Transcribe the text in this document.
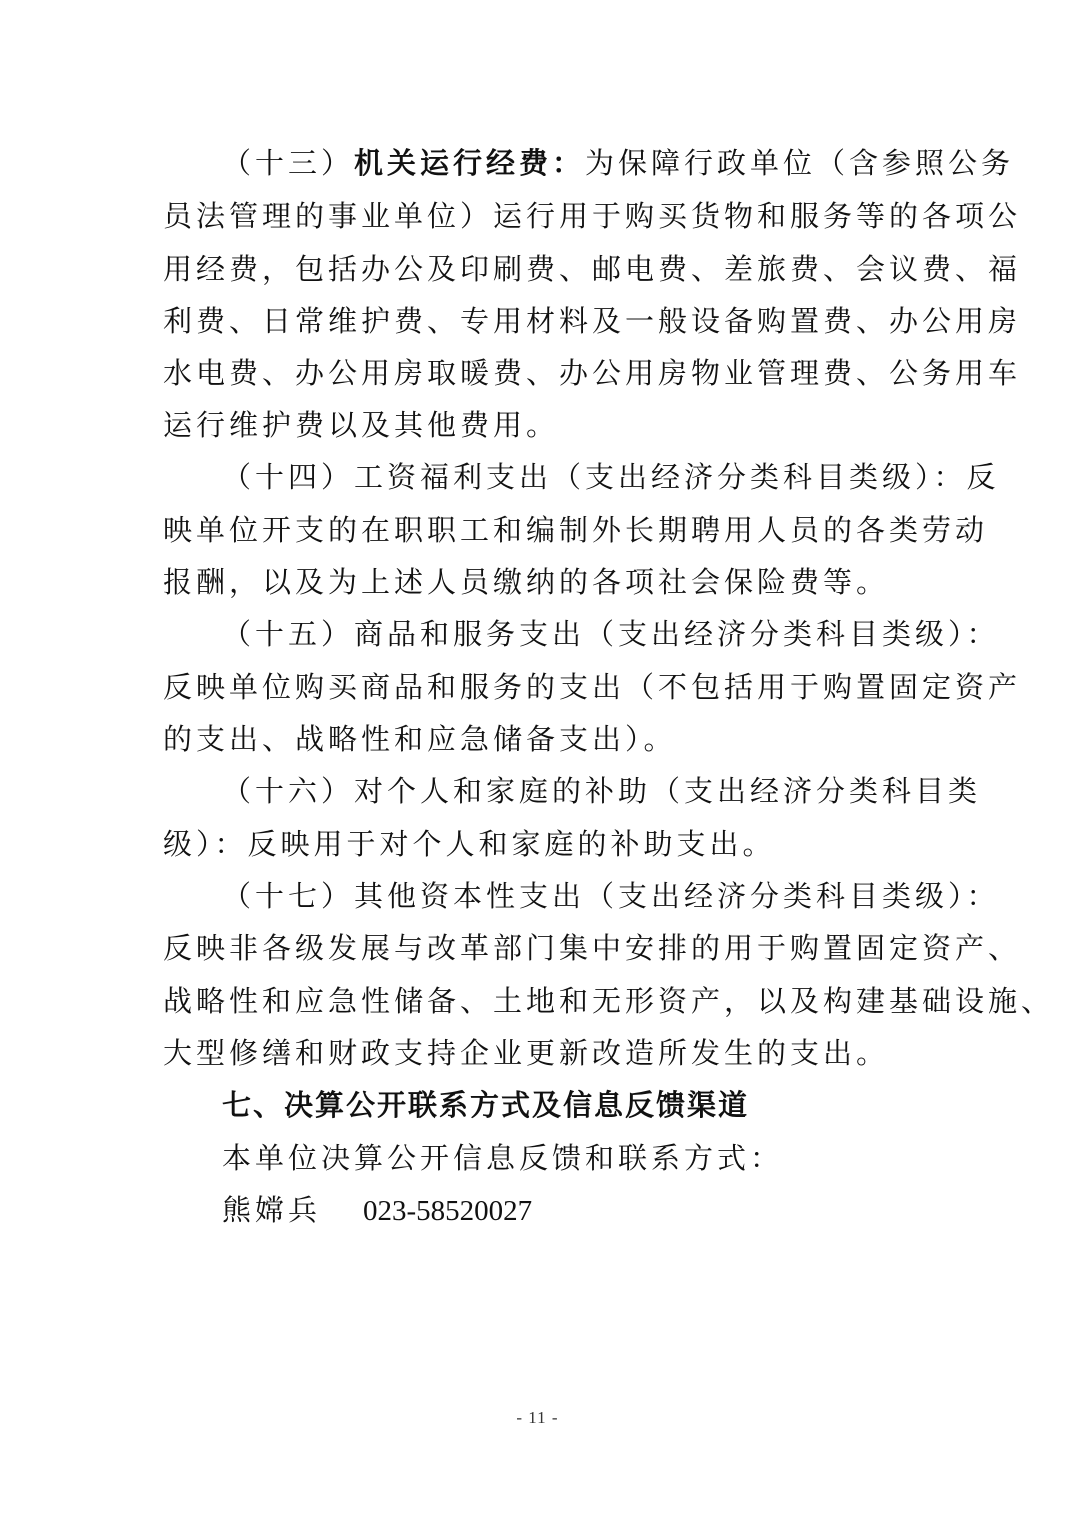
（十三）机关运行经费：为保障行政单位（含参照公务
员法管理的事业单位）运行用于购买货物和服务等的各项公
用经费，包括办公及印刷费、邮电费、差旅费、会议费、福
利费、日常维护费、专用材料及一般设备购置费、办公用房
水电费、办公用房取暖费、办公用房物业管理费、公务用车
运行维护费以及其他费用。
（十四）工资福利支出（支出经济分类科目类级）：反
映单位开支的在职职工和编制外长期聘用人员的各类劳动
报酬，以及为上述人员缴纳的各项社会保险费等。
（十五）商品和服务支出（支出经济分类科目类级）：
反映单位购买商品和服务的支出（不包括用于购置固定资产
的支出、战略性和应急储备支出）。
（十六）对个人和家庭的补助（支出经济分类科目类
级）：反映用于对个人和家庭的补助支出。
（十七）其他资本性支出（支出经济分类科目类级）：
反映非各级发展与改革部门集中安排的用于购置固定资产、
战略性和应急性储备、土地和无形资产，以及构建基础设施、
大型修缮和财政支持企业更新改造所发生的支出。
七、决算公开联系方式及信息反馈渠道
本单位决算公开信息反馈和联系方式：
熊嫦兵 023-58520027
- 11 -
